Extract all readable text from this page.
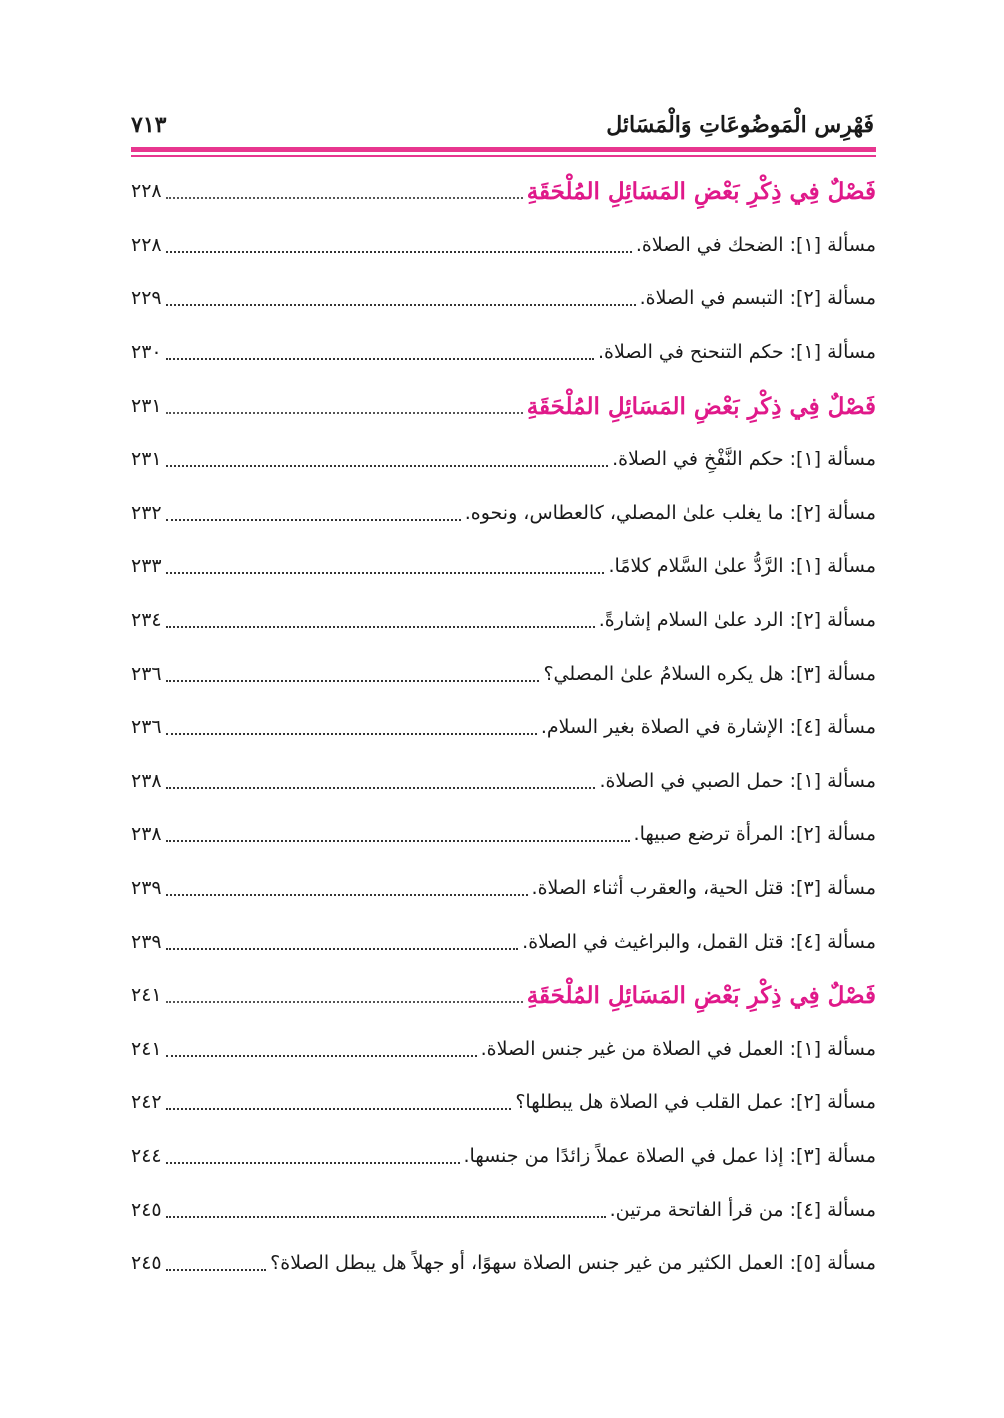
فَهْرِس الْمَوضُوعَاتِ وَالْمَسَائل
٧١٣
فَصْلٌ فِي ذِكْرِ بَعْضِ المَسَائِلِ المُلْحَقَةِ
٢٢٨
مسألة [١]: الضحك في الصلاة.
٢٢٨
مسألة [٢]: التبسم في الصلاة.
٢٢٩
مسألة [١]: حكم التنحنح في الصلاة.
٢٣٠
فَصْلٌ فِي ذِكْرِ بَعْضِ المَسَائِلِ المُلْحَقَةِ
٢٣١
مسألة [١]: حكم النَّفْخِ في الصلاة.
٢٣١
مسألة [٢]: ما يغلب علىٰ المصلي، كالعطاس، ونحوه.
٢٣٢
مسألة [١]: الرَّدُّ علىٰ السَّلام كلامًا.
٢٣٣
مسألة [٢]: الرد علىٰ السلام إشارةً.
٢٣٤
مسألة [٣]: هل يكره السلامُ علىٰ المصلي؟
٢٣٦
مسألة [٤]: الإشارة في الصلاة بغير السلام.
٢٣٦
مسألة [١]: حمل الصبي في الصلاة.
٢٣٨
مسألة [٢]: المرأة ترضع صبيها.
٢٣٨
مسألة [٣]: قتل الحية، والعقرب أثناء الصلاة.
٢٣٩
مسألة [٤]: قتل القمل، والبراغيث في الصلاة.
٢٣٩
فَصْلٌ فِي ذِكْرِ بَعْضِ المَسَائِلِ المُلْحَقَةِ
٢٤١
مسألة [١]: العمل في الصلاة من غير جنس الصلاة.
٢٤١
مسألة [٢]: عمل القلب في الصلاة هل يبطلها؟
٢٤٢
مسألة [٣]: إذا عمل في الصلاة عملاً زائدًا من جنسها.
٢٤٤
مسألة [٤]: من قرأ الفاتحة مرتين.
٢٤٥
مسألة [٥]: العمل الكثير من غير جنس الصلاة سهوًا، أو جهلاً هل يبطل الصلاة؟
٢٤٥
